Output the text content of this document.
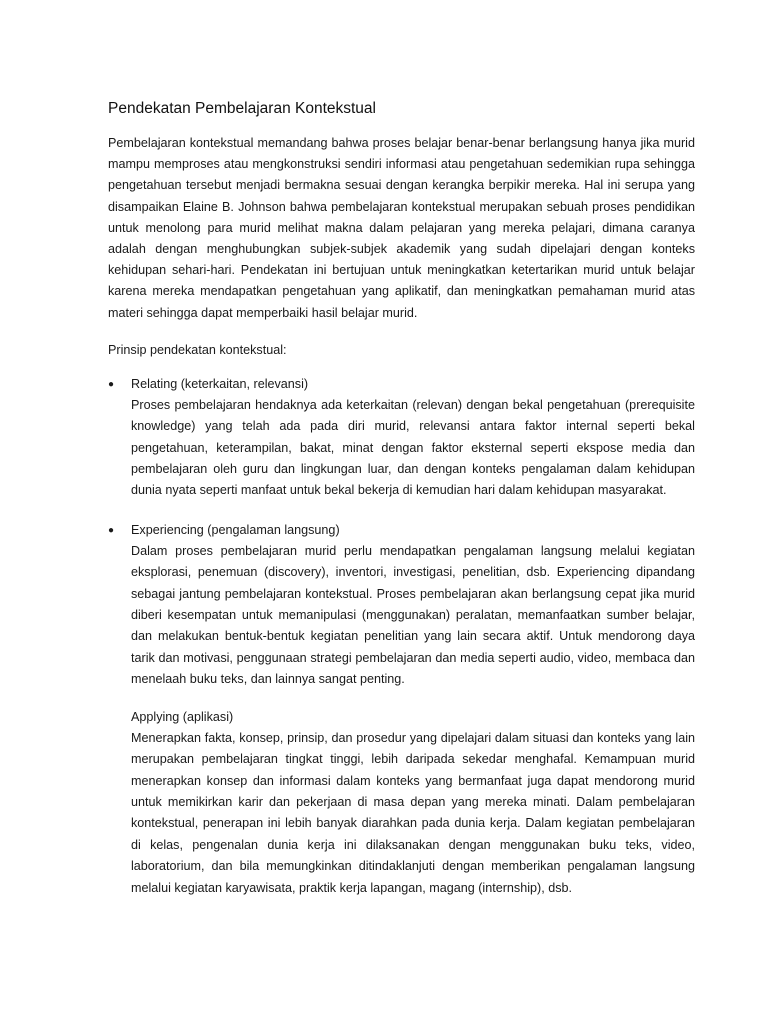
Pendekatan Pembelajaran Kontekstual

Pembelajaran kontekstual memandang bahwa proses belajar benar-benar berlangsung hanya jika murid mampu memproses atau mengkonstruksi sendiri informasi atau pengetahuan sedemikian rupa sehingga pengetahuan tersebut menjadi bermakna sesuai dengan kerangka berpikir mereka. Hal ini serupa yang disampaikan Elaine B. Johnson bahwa pembelajaran kontekstual merupakan sebuah proses pendidikan untuk menolong para murid melihat makna dalam pelajaran yang mereka pelajari, dimana caranya adalah dengan menghubungkan subjek-subjek akademik yang sudah dipelajari dengan konteks kehidupan sehari-hari. Pendekatan ini bertujuan untuk meningkatkan ketertarikan murid untuk belajar karena mereka mendapatkan pengetahuan yang aplikatif, dan meningkatkan pemahaman murid atas materi sehingga dapat memperbaiki hasil belajar murid.

Prinsip pendekatan kontekstual:

● Relating (keterkaitan, relevansi)

Proses pembelajaran hendaknya ada keterkaitan (relevan) dengan bekal pengetahuan (prerequisite knowledge) yang telah ada pada diri murid, relevansi antara faktor internal seperti bekal pengetahuan, keterampilan, bakat, minat dengan faktor eksternal seperti ekspose media dan pembelajaran oleh guru dan lingkungan luar, dan dengan konteks pengalaman dalam kehidupan dunia nyata seperti manfaat untuk bekal bekerja di kemudian hari dalam kehidupan masyarakat.

● Experiencing (pengalaman langsung)

Dalam proses pembelajaran murid perlu mendapatkan pengalaman langsung melalui kegiatan eksplorasi, penemuan (discovery), inventori, investigasi, penelitian, dsb. Experiencing dipandang sebagai jantung pembelajaran kontekstual. Proses pembelajaran akan berlangsung cepat jika murid diberi kesempatan untuk memanipulasi (menggunakan) peralatan, memanfaatkan sumber belajar, dan melakukan bentuk-bentuk kegiatan penelitian yang lain secara aktif. Untuk mendorong daya tarik dan motivasi, penggunaan strategi pembelajaran dan media seperti audio, video, membaca dan menelaah buku teks, dan lainnya sangat penting.

Applying (aplikasi)

Menerapkan fakta, konsep, prinsip, dan prosedur yang dipelajari dalam situasi dan konteks yang lain merupakan pembelajaran tingkat tinggi, lebih daripada sekedar menghafal. Kemampuan murid menerapkan konsep dan informasi dalam konteks yang bermanfaat juga dapat mendorong murid untuk memikirkan karir dan pekerjaan di masa depan yang mereka minati. Dalam pembelajaran kontekstual, penerapan ini lebih banyak diarahkan pada dunia kerja. Dalam kegiatan pembelajaran di kelas, pengenalan dunia kerja ini dilaksanakan dengan menggunakan buku teks, video, laboratorium, dan bila memungkinkan ditindaklanjuti dengan memberikan pengalaman langsung melalui kegiatan karyawisata, praktik kerja lapangan, magang (internship), dsb.
